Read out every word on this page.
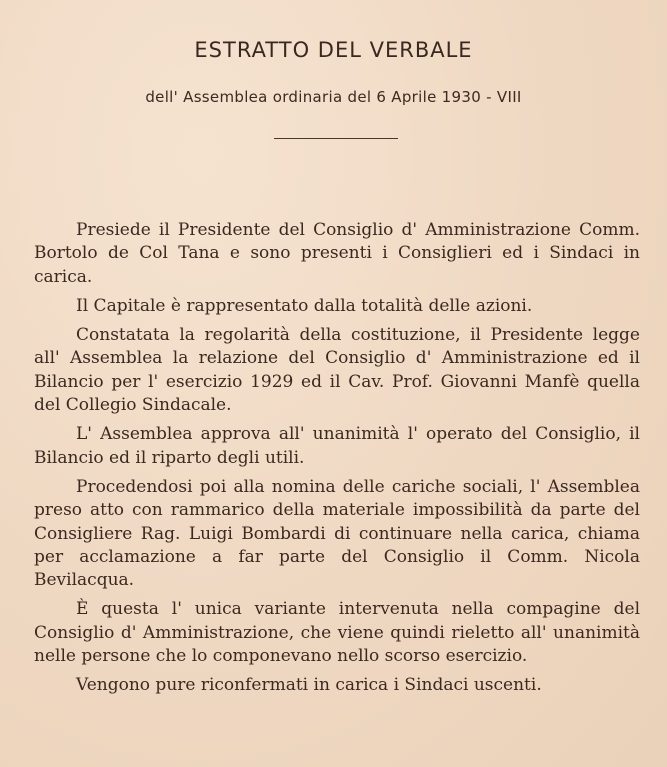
ESTRATTO DEL VERBALE
dell' Assemblea ordinaria del 6 Aprile 1930 - VIII

Presiede il Presidente del Consiglio d' Amministrazione Comm. Bortolo de Col Tana e sono presenti i Consiglieri ed i Sindaci in carica.

Il Capitale è rappresentato dalla totalità delle azioni.

Constatata la regolarità della costituzione, il Presidente legge all' Assemblea la relazione del Consiglio d' Amministrazione ed il Bilancio per l' esercizio 1929 ed il Cav. Prof. Giovanni Manfè quella del Collegio Sindacale.

L' Assemblea approva all' unanimità l' operato del Consiglio, il Bilancio ed il riparto degli utili.

Procedendosi poi alla nomina delle cariche sociali, l' Assemblea preso atto con rammarico della materiale impossibilità da parte del Consigliere Rag. Luigi Bombardi di continuare nella carica, chiama per acclamazione a far parte del Consiglio il Comm. Nicola Bevilacqua.

È questa l' unica variante intervenuta nella compagine del Consiglio d' Amministrazione, che viene quindi rieletto all' unanimità nelle persone che lo componevano nello scorso esercizio.

Vengono pure riconfermati in carica i Sindaci uscenti.
